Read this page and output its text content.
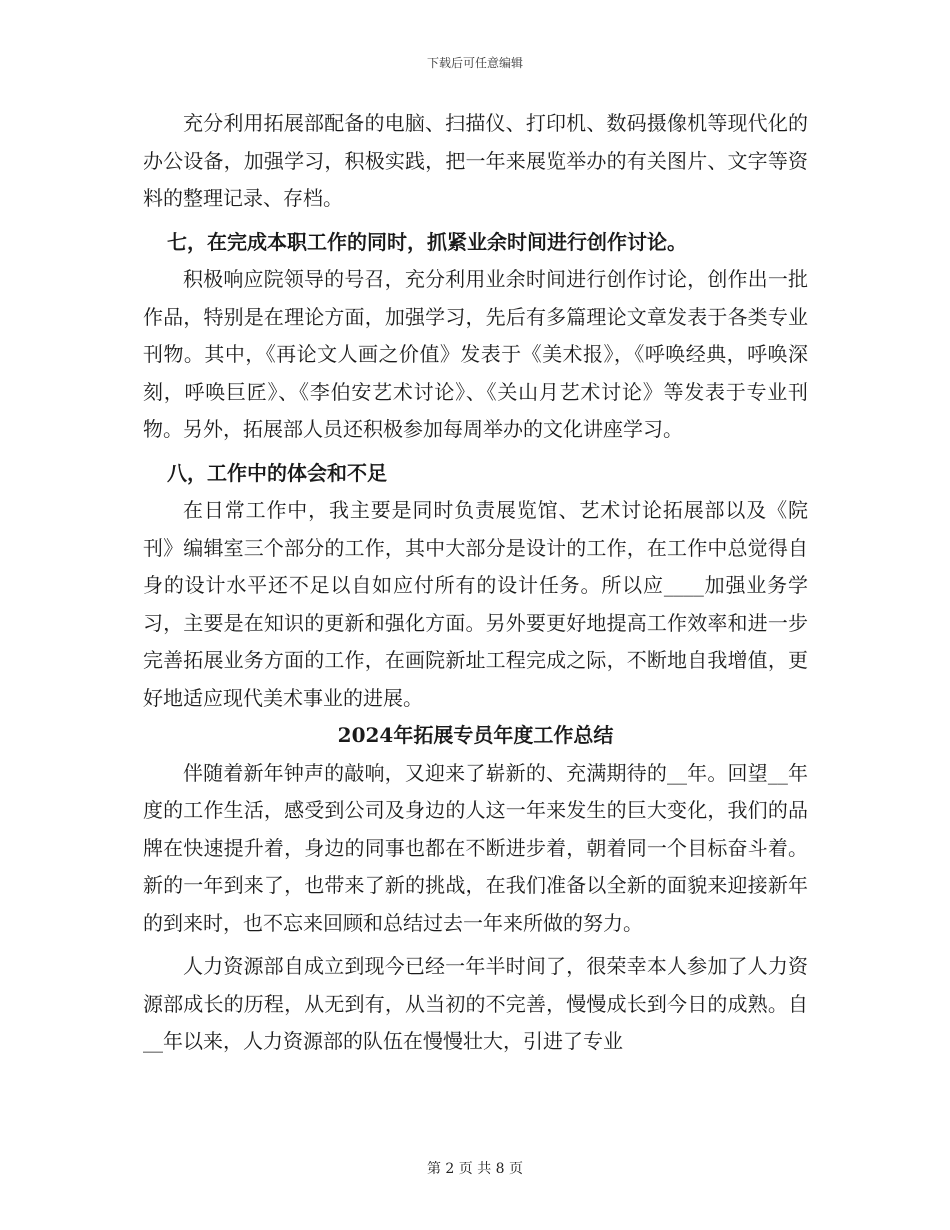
下载后可任意编辑

充分利用拓展部配备的电脑、扫描仪、打印机、数码摄像机等现代化的办公设备，加强学习，积极实践，把一年来展览举办的有关图片、文字等资料的整理记录、存档。

七，在完成本职工作的同时，抓紧业余时间进行创作讨论。

积极响应院领导的号召，充分利用业余时间进行创作讨论，创作出一批作品，特别是在理论方面，加强学习，先后有多篇理论文章发表于各类专业刊物。其中，《再论文人画之价值》发表于《美术报》，《呼唤经典，呼唤深刻，呼唤巨匠》、《李伯安艺术讨论》、《关山月艺术讨论》等发表于专业刊物。另外，拓展部人员还积极参加每周举办的文化讲座学习。

八，工作中的体会和不足

在日常工作中，我主要是同时负责展览馆、艺术讨论拓展部以及《院刊》编辑室三个部分的工作，其中大部分是设计的工作，在工作中总觉得自身的设计水平还不足以自如应付所有的设计任务。所以应____加强业务学习，主要是在知识的更新和强化方面。另外要更好地提高工作效率和进一步完善拓展业务方面的工作，在画院新址工程完成之际，不断地自我增值，更好地适应现代美术事业的进展。

2024年拓展专员年度工作总结

伴随着新年钟声的敲响，又迎来了崭新的、充满期待的__年。回望__年度的工作生活，感受到公司及身边的人这一年来发生的巨大变化，我们的品牌在快速提升着，身边的同事也都在不断进步着，朝着同一个目标奋斗着。新的一年到来了，也带来了新的挑战，在我们准备以全新的面貌来迎接新年的到来时，也不忘来回顾和总结过去一年来所做的努力。

人力资源部自成立到现今已经一年半时间了，很荣幸本人参加了人力资源部成长的历程，从无到有，从当初的不完善，慢慢成长到今日的成熟。自__年以来，人力资源部的队伍在慢慢壮大，引进了专业

第 2 页 共 8 页
